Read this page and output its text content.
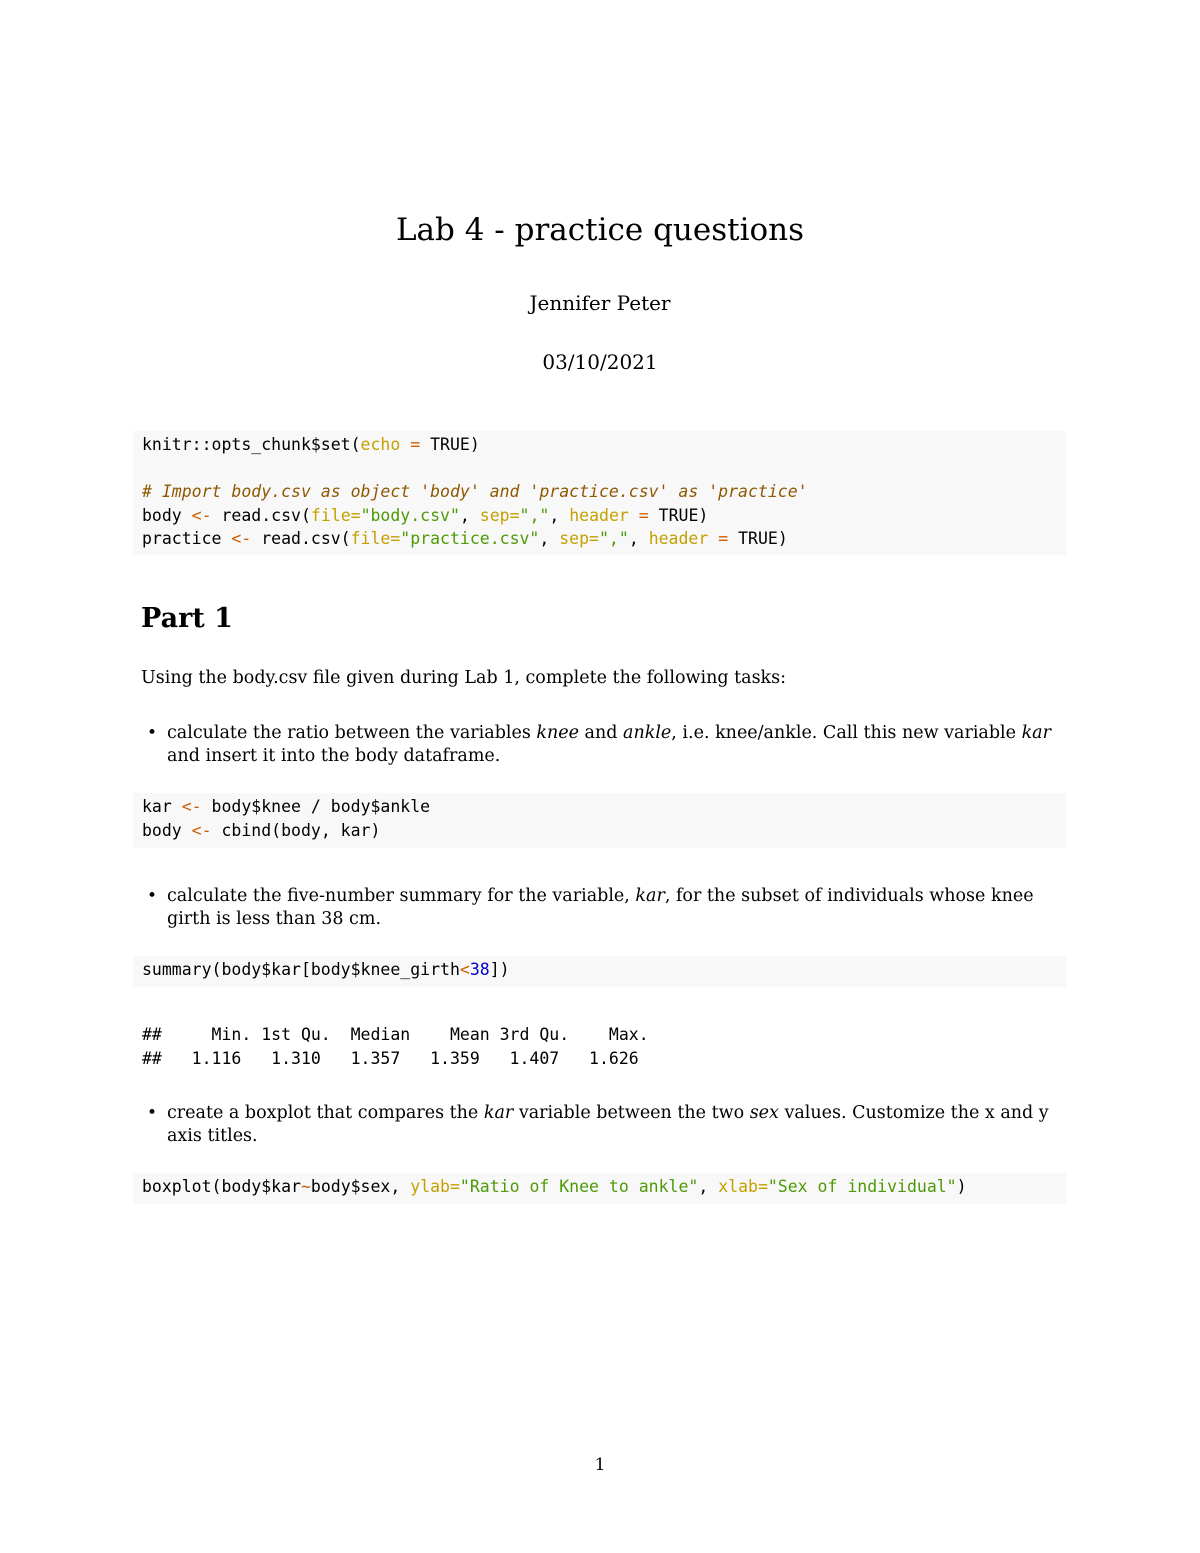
Lab 4 - practice questions
Jennifer Peter
03/10/2021
knitr::opts_chunk$set(echo = TRUE)
# Import body.csv as object 'body' and 'practice.csv' as 'practice'
body <- read.csv(file="body.csv", sep=",", header = TRUE)
practice <- read.csv(file="practice.csv", sep=",", header = TRUE)
Part 1

Using the body.csv file given during Lab 1, complete the following tasks:

• calculate the ratio between the variables knee and ankle, i.e. knee/ankle. Call this new variable kar and insert it into the body dataframe.
kar <- body$knee / body$ankle
body <- cbind(body, kar)
• calculate the five-number summary for the variable, kar, for the subset of individuals whose knee girth is less than 38 cm.
summary(body$kar[body$knee_girth<38])
##     Min. 1st Qu.  Median    Mean 3rd Qu.    Max.
##   1.116   1.310   1.357   1.359   1.407   1.626
• create a boxplot that compares the kar variable between the two sex values. Customize the x and y axis titles.
boxplot(body$kar~body$sex, ylab="Ratio of Knee to ankle", xlab="Sex of individual")
1
